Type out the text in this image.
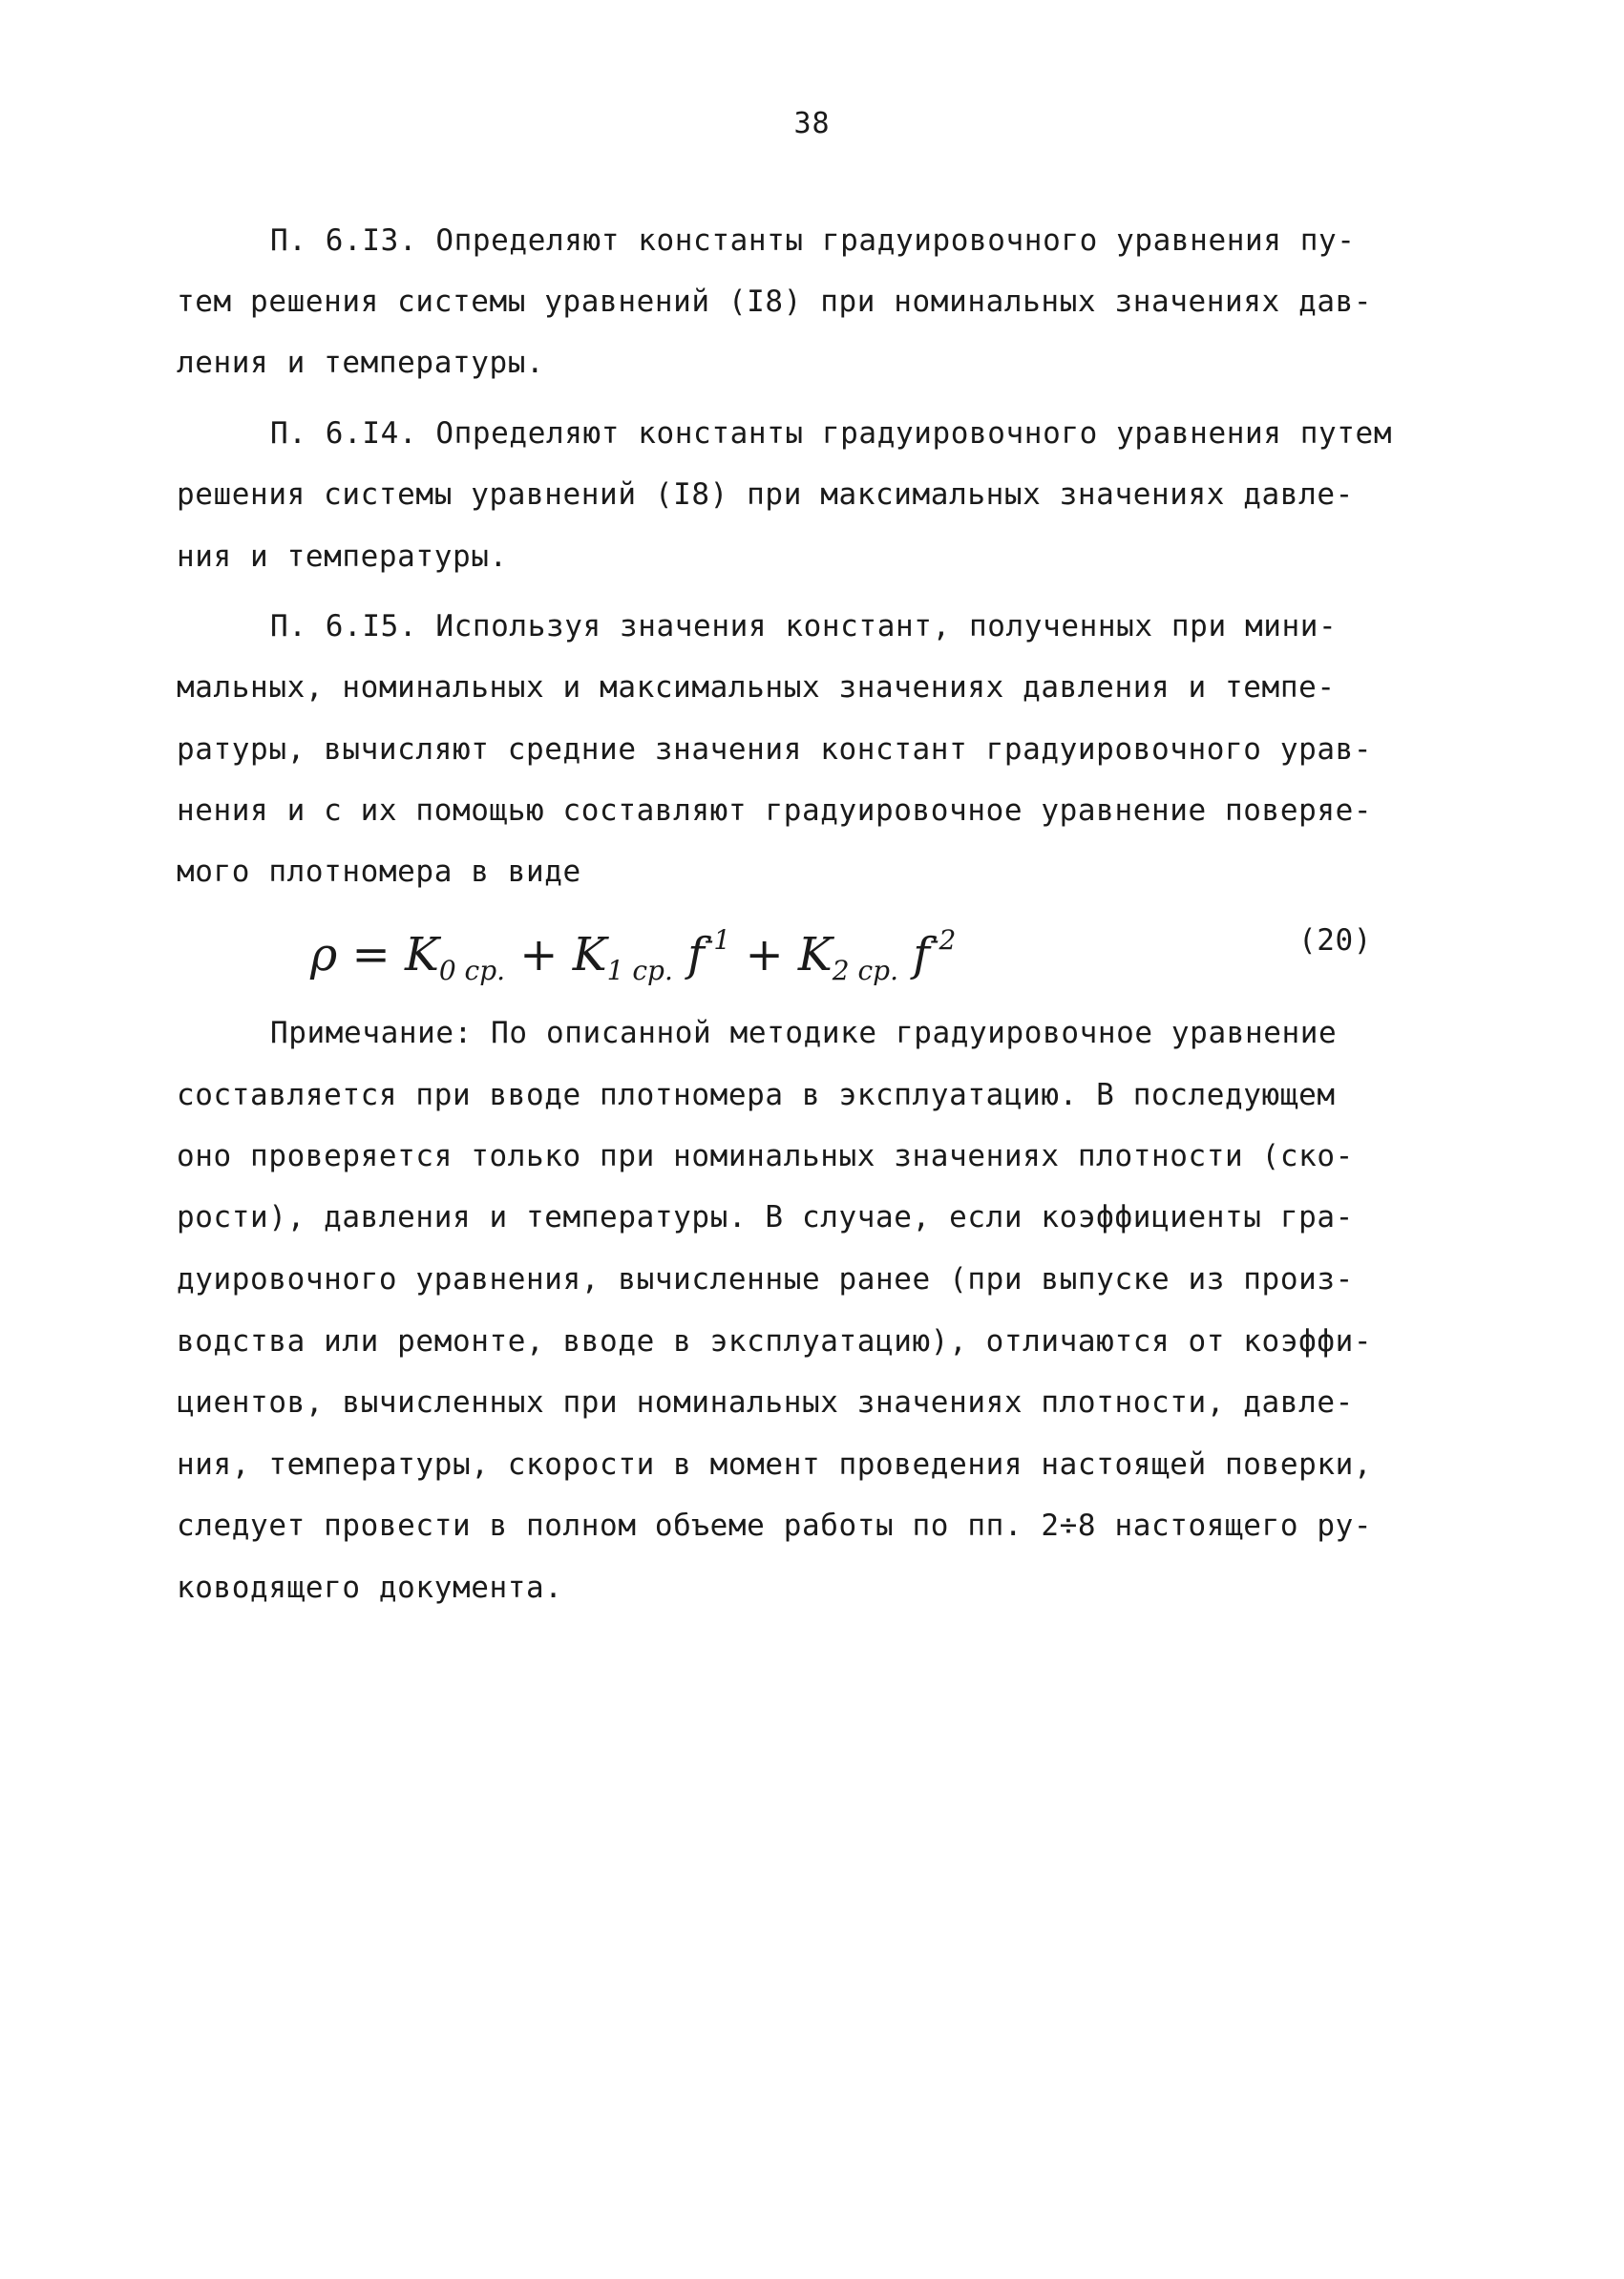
38
П. 6.I3. Определяют константы градуировочного уравнения пу-
тем решения системы уравнений (I8) при номинальных значениях дав-
ления и температуры.
П. 6.I4. Определяют константы градуировочного уравнения путем
решения системы уравнений (I8) при максимальных значениях давле-
ния и температуры.
П. 6.I5. Используя значения констант, полученных при мини-
мальных, номинальных и максимальных значениях давления и темпе-
ратуры, вычисляют средние значения констант градуировочного урав-
нения и с их помощью составляют градуировочное уравнение поверяе-
мого плотномера в виде
$\rho = K_{0 ср.} + K_{1 ср.}$ $f^{-1} + K_{2 ср.}$ $f^{-2}$	(20)
Примечание: По описанной методике градуировочное уравнение
составляется при вводе плотномера в эксплуатацию. В последующем
оно проверяется только при номинальных значениях плотности (ско-
рости), давления и температуры. В случае, если коэффициенты гра-
дуировочного уравнения, вычисленные ранее (при выпуске из произ-
водства или ремонте, вводе в эксплуатацию), отличаются от коэффи-
циентов, вычисленных при номинальных значениях плотности, давле-
ния, температуры, скорости в момент проведения настоящей поверки,
следует провести в полном объеме работы по пп. 2÷8 настоящего ру-
ководящего документа.
